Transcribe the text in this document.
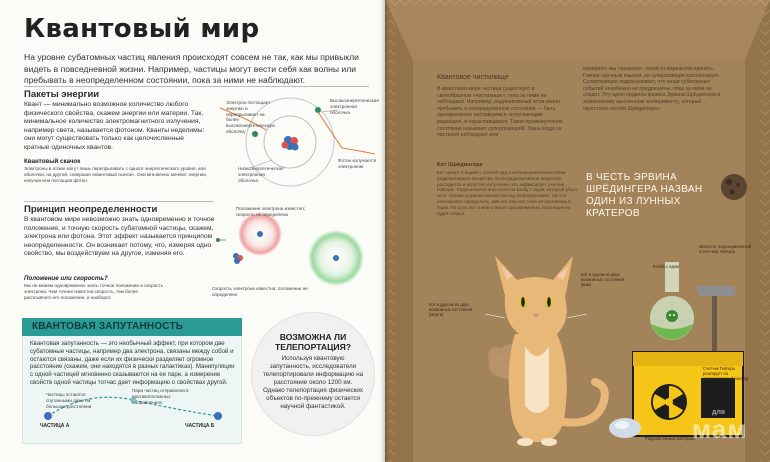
Квантовый мир
На уровне субатомных частиц явления происходят совсем не так, как мы привыкли видеть в повседневной жизни. Например, частицы могут вести себя как волны или пребывать в неопределенном состоянии, пока за ними не наблюдают.
Пакеты энергии
Квант — минимально возможное количество любого физического свойства, скажем энергии или материи. Так, минимальное количество электромагнитного излучения, например света, называется фотоном. Кванты неделимы: они могут существовать только как целочисленные кратные одиночных квантов.
Квантовый скачок
Электроны в атоме могут лишь перепрыгивать с одного энергетического уровня, или оболочки, на другой, совершая «квантовый скачок». Они мгновенно меняют энергию, излучая или поглощая фотон.
Электрон поглощает энергию и перепрыгивает на более высокоэнергетическую оболочку
Высокоэнергетическая электронная оболочка
Низкоэнергетическая электронная оболочка
Фотон излучается электроном
Принцип неопределенности
В квантовом мире невозможно знать одновременно и точное положение, и точную скорость субатомной частицы, скажем, электрона или фотона. Этот эффект называется принципом неопределенности. Он возникает потому, что, измеряя одно свойство, мы воздействуем на другое, изменяя его.
Положение или скорость?
Мы не можем одновременно знать точное положение и скорость электрона. Чем точнее известна скорость, тем более расплывчато его положение, и наоборот.
Положение электрона известно; скорость не определена
Скорость электрона известна; положение не определено
КВАНТОВАЯ ЗАПУТАННОСТЬ
Квантовая запутанность — это необычный эффект, при котором две субатомные частицы, например два электрона, связаны между собой и остаются связаны, даже если их физически разделяет огромное расстояние (скажем, они находятся в разных галактиках). Манипуляции с одной частицей мгновенно сказываются на ее паре, а измерение свойств одной частицы тотчас дает информацию о свойствах другой.
Частицы остаются спутанными даже на большом расстоянии
Пара частиц отправлена в противоположных направлениях
ЧАСТИЦА А	ЧАСТИЦА Б
ВОЗМОЖНА ЛИ ТЕЛЕПОРТАЦИЯ?
Используя квантовую запутанность, исследователи телепортировали информацию на расстояние около 1200 км. Однако телепортация физических объектов по-прежнему остается научной фантастикой.
Квантовое чистилище
В квантовом мире частица существует в своеобразном «чистилище», пока за ними не наблюдают. Например, радиоактивный атом может пребывать в неопределенном состоянии — быть одновременно распавшимся, испускающим радиацию, и нераспавшимся. Такое промежуточное состояние называют суперпозицией. Лишь когда за частицей наблюдают или
измеряют, мы «решаем», какой из вариантов принять. Говоря научным языком, ее суперпозиция коллапсирует. Суперпозиция подразумевает, что вещи субатомных событий неизбежно не предрешены, пока за ними не следят. Эту идею подвела физика Эрвина Шрёдингера в знаменитому мысленном эксперименту, который окрестили «котом Шрёдингера».
Кот Шрёдингера
Кот заперт в ящике с колбой яда и небольшим количеством радиоактивного вещества. Если радиоактивное вещество распадется и испустит излучение, это зафиксирует счетчик Гейгера. Тогда молоток опустится на колбу с ядом, который убьет кота. Однако радиоактивный распад непредсказуем, так что невозможно определить, жив кот или нет, пока не заглянешь в ящик. По сути, кот и жив и мертв одновременно, пока ящик не будет открыт.
В ЧЕСТЬ ЭРВИНА ШРЁДИНГЕРА НАЗВАН ОДИН ИЗ ЛУННЫХ КРАТЕРОВ
Кот в одном из двух возможных состояний (жив)
Кот в другом из двух возможных состояний (мертв)
Колба с ядом
Молоток, подсоединенный к счетчику Гейгера
Счетчик Гейгера реагирует на радиоактивный распад
Радиоактивный материал
для
мам
